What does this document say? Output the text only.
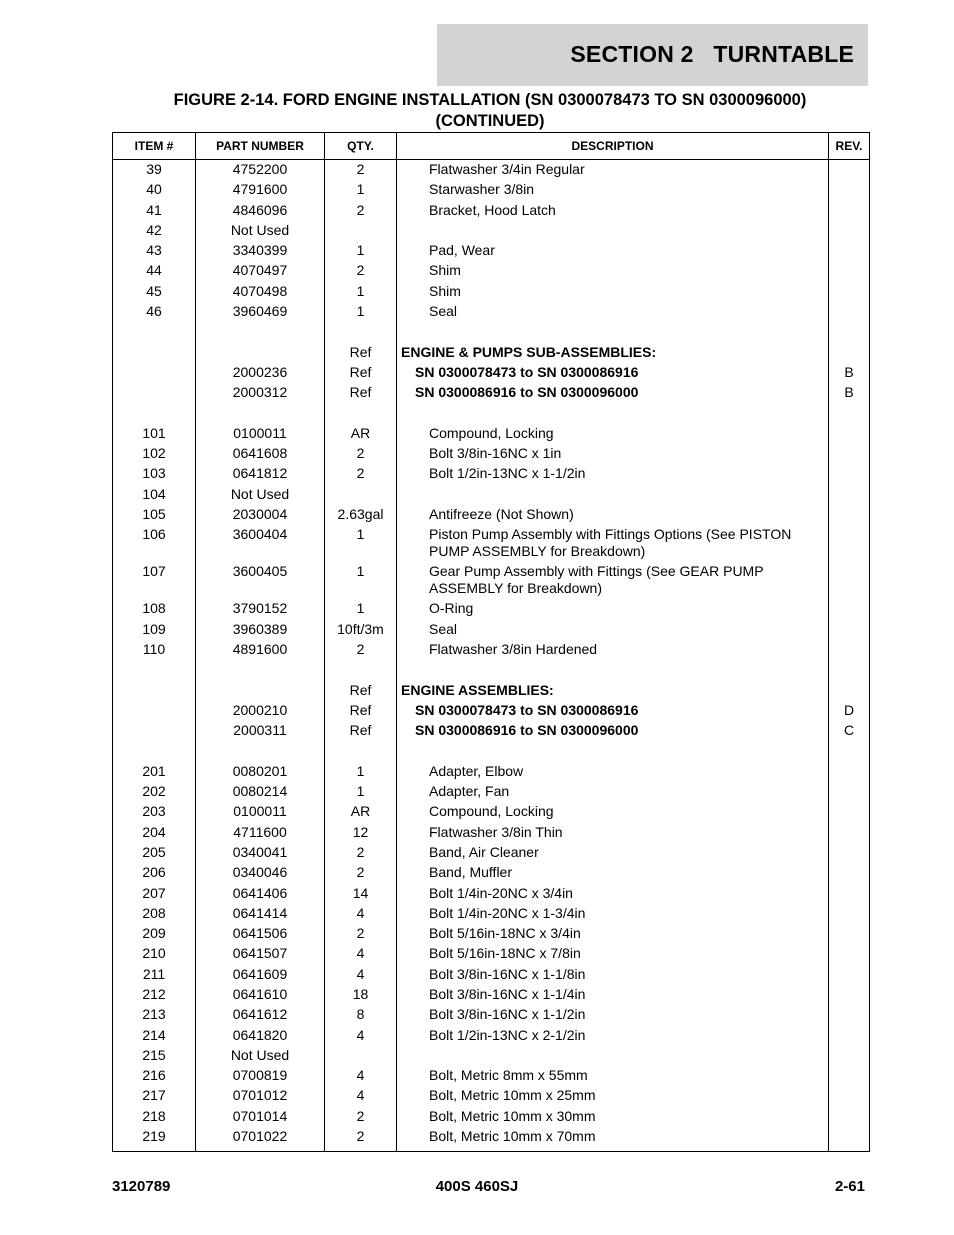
SECTION 2   TURNTABLE
FIGURE 2-14. FORD ENGINE INSTALLATION (SN 0300078473 TO SN 0300096000)
(CONTINUED)
ITEM #	PART NUMBER	QTY.	DESCRIPTION	REV.
39	4752200	2	Flatwasher 3/4in Regular	
40	4791600	1	Starwasher 3/8in	
41	4846096	2	Bracket, Hood Latch	
42	Not Used			
43	3340399	1	Pad, Wear	
44	4070497	2	Shim	
45	4070498	1	Shim	
46	3960469	1	Seal	

		Ref	ENGINE & PUMPS SUB-ASSEMBLIES:	
	2000236	Ref	SN 0300078473 to SN 0300086916	B
	2000312	Ref	SN 0300086916 to SN 0300096000	B

101	0100011	AR	Compound, Locking	
102	0641608	2	Bolt 3/8in-16NC x 1in	
103	0641812	2	Bolt 1/2in-13NC x 1-1/2in	
104	Not Used			
105	2030004	2.63gal	Antifreeze (Not Shown)	
106	3600404	1	Piston Pump Assembly with Fittings Options (See PISTON PUMP ASSEMBLY for Breakdown)	
107	3600405	1	Gear Pump Assembly with Fittings (See GEAR PUMP ASSEMBLY for Breakdown)	
108	3790152	1	O-Ring	
109	3960389	10ft/3m	Seal	
110	4891600	2	Flatwasher 3/8in Hardened	

		Ref	ENGINE ASSEMBLIES:	
	2000210	Ref	SN 0300078473 to SN 0300086916	D
	2000311	Ref	SN 0300086916 to SN 0300096000	C

201	0080201	1	Adapter, Elbow	
202	0080214	1	Adapter, Fan	
203	0100011	AR	Compound, Locking	
204	4711600	12	Flatwasher 3/8in Thin	
205	0340041	2	Band, Air Cleaner	
206	0340046	2	Band, Muffler	
207	0641406	14	Bolt 1/4in-20NC x 3/4in	
208	0641414	4	Bolt 1/4in-20NC x 1-3/4in	
209	0641506	2	Bolt 5/16in-18NC x 3/4in	
210	0641507	4	Bolt 5/16in-18NC x 7/8in	
211	0641609	4	Bolt 3/8in-16NC x 1-1/8in	
212	0641610	18	Bolt 3/8in-16NC x 1-1/4in	
213	0641612	8	Bolt 3/8in-16NC x 1-1/2in	
214	0641820	4	Bolt 1/2in-13NC x 2-1/2in	
215	Not Used			
216	0700819	4	Bolt, Metric 8mm x 55mm	
217	0701012	4	Bolt, Metric 10mm x 25mm	
218	0701014	2	Bolt, Metric 10mm x 30mm	
219	0701022	2	Bolt, Metric 10mm x 70mm	
3120789	400S 460SJ	2-61
